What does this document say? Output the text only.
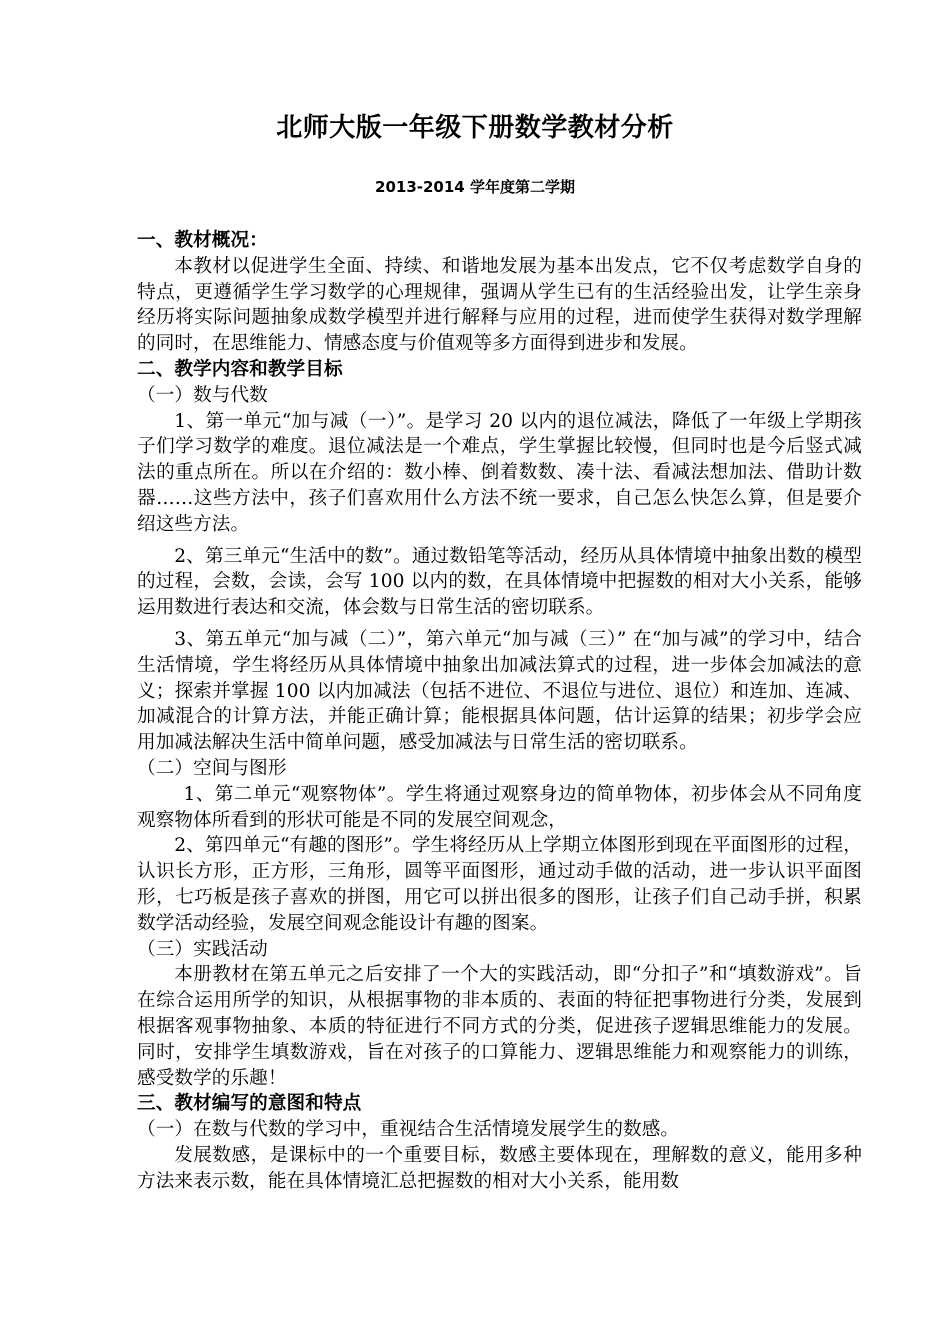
北师大版一年级下册数学教材分析
2013-2014 学年度第二学期

一、教材概况：

本教材以促进学生全面、持续、和谐地发展为基本出发点，它不仅考虑数学自身的特点，更遵循学生学习数学的心理规律，强调从学生已有的生活经验出发，让学生亲身经历将实际问题抽象成数学模型并进行解释与应用的过程，进而使学生获得对数学理解的同时，在思维能力、情感态度与价值观等多方面得到进步和发展。

二、教学内容和教学目标

（一）数与代数

1、第一单元“加与减（一）”。是学习 20 以内的退位减法，降低了一年级上学期孩子们学习数学的难度。退位减法是一个难点，学生掌握比较慢，但同时也是今后竖式减法的重点所在。所以在介绍的：数小棒、倒着数数、凑十法、看减法想加法、借助计数器……这些方法中，孩子们喜欢用什么方法不统一要求，自己怎么快怎么算，但是要介绍这些方法。

2、第三单元“生活中的数”。通过数铅笔等活动，经历从具体情境中抽象出数的模型的过程，会数，会读，会写 100 以内的数，在具体情境中把握数的相对大小关系，能够运用数进行表达和交流，体会数与日常生活的密切联系。

3、第五单元“加与减（二）”，第六单元“加与减（三）” 在“加与减”的学习中，结合生活情境，学生将经历从具体情境中抽象出加减法算式的过程，进一步体会加减法的意义；探索并掌握 100 以内加减法（包括不进位、不退位与进位、退位）和连加、连减、加减混合的计算方法，并能正确计算；能根据具体问题，估计运算的结果；初步学会应用加减法解决生活中简单问题，感受加减法与日常生活的密切联系。

（二）空间与图形

1、第二单元“观察物体”。学生将通过观察身边的简单物体，初步体会从不同角度观察物体所看到的形状可能是不同的发展空间观念，

2、第四单元“有趣的图形”。学生将经历从上学期立体图形到现在平面图形的过程，认识长方形，正方形，三角形，圆等平面图形，通过动手做的活动，进一步认识平面图形，七巧板是孩子喜欢的拼图，用它可以拼出很多的图形，让孩子们自己动手拼，积累数学活动经验，发展空间观念能设计有趣的图案。

（三）实践活动

本册教材在第五单元之后安排了一个大的实践活动，即“分扣子”和“填数游戏”。旨在综合运用所学的知识，从根据事物的非本质的、表面的特征把事物进行分类，发展到根据客观事物抽象、本质的特征进行不同方式的分类，促进孩子逻辑思维能力的发展。同时，安排学生填数游戏，旨在对孩子的口算能力、逻辑思维能力和观察能力的训练，感受数学的乐趣！

三、教材编写的意图和特点

（一）在数与代数的学习中，重视结合生活情境发展学生的数感。

发展数感，是课标中的一个重要目标，数感主要体现在，理解数的意义，能用多种方法来表示数，能在具体情境汇总把握数的相对大小关系，能用数
